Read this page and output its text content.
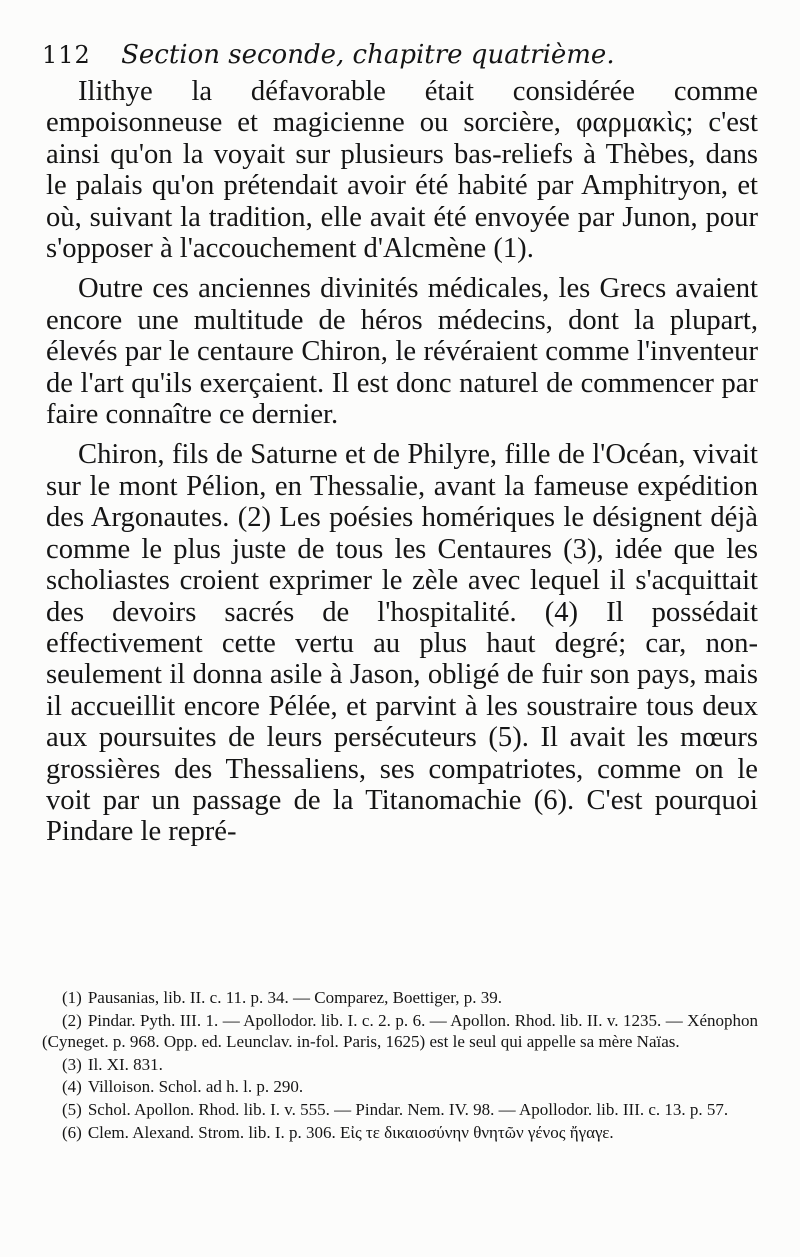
112 Section seconde, chapitre quatrième.

Ilithye la défavorable était considérée comme empoisonneuse et magicienne ou sorcière, φαρμακὶς; c'est ainsi qu'on la voyait sur plusieurs bas-reliefs à Thèbes, dans le palais qu'on prétendait avoir été habité par Amphitryon, et où, suivant la tradition, elle avait été envoyée par Junon, pour s'opposer à l'accouchement d'Alcmène (1).

Outre ces anciennes divinités médicales, les Grecs avaient encore une multitude de héros médecins, dont la plupart, élevés par le centaure Chiron, le révéraient comme l'inventeur de l'art qu'ils exerçaient. Il est donc naturel de commencer par faire connaître ce dernier.

Chiron, fils de Saturne et de Philyre, fille de l'Océan, vivait sur le mont Pélion, en Thessalie, avant la fameuse expédition des Argonautes. (2) Les poésies homériques le désignent déjà comme le plus juste de tous les Centaures (3), idée que les scholiastes croient exprimer le zèle avec lequel il s'acquittait des devoirs sacrés de l'hospitalité. (4) Il possédait effectivement cette vertu au plus haut degré; car, non-seulement il donna asile à Jason, obligé de fuir son pays, mais il accueillit encore Pélée, et parvint à les soustraire tous deux aux poursuites de leurs persécuteurs (5). Il avait les mœurs grossières des Thessaliens, ses compatriotes, comme on le voit par un passage de la Titanomachie (6). C'est pourquoi Pindare le repré-

(1) Pausanias, lib. II. c. 11. p. 34. — Comparez, Boettiger, p. 39.

(2) Pindar. Pyth. III. 1. — Apollodor. lib. I. c. 2. p. 6. — Apollon. Rhod. lib. II. v. 1235. — Xénophon (Cyneget. p. 968. Opp. ed. Leunclav. in-fol. Paris, 1625) est le seul qui appelle sa mère Naïas.

(3) Il. XI. 831.

(4) Villoison. Schol. ad h. l. p. 290.

(5) Schol. Apollon. Rhod. lib. I. v. 555. — Pindar. Nem. IV. 98. — Apollodor. lib. III. c. 13. p. 57.

(6) Clem. Alexand. Strom. lib. I. p. 306. Εἰς τε δικαιοσύνην θνητῶν γένος ἤγαγε.
